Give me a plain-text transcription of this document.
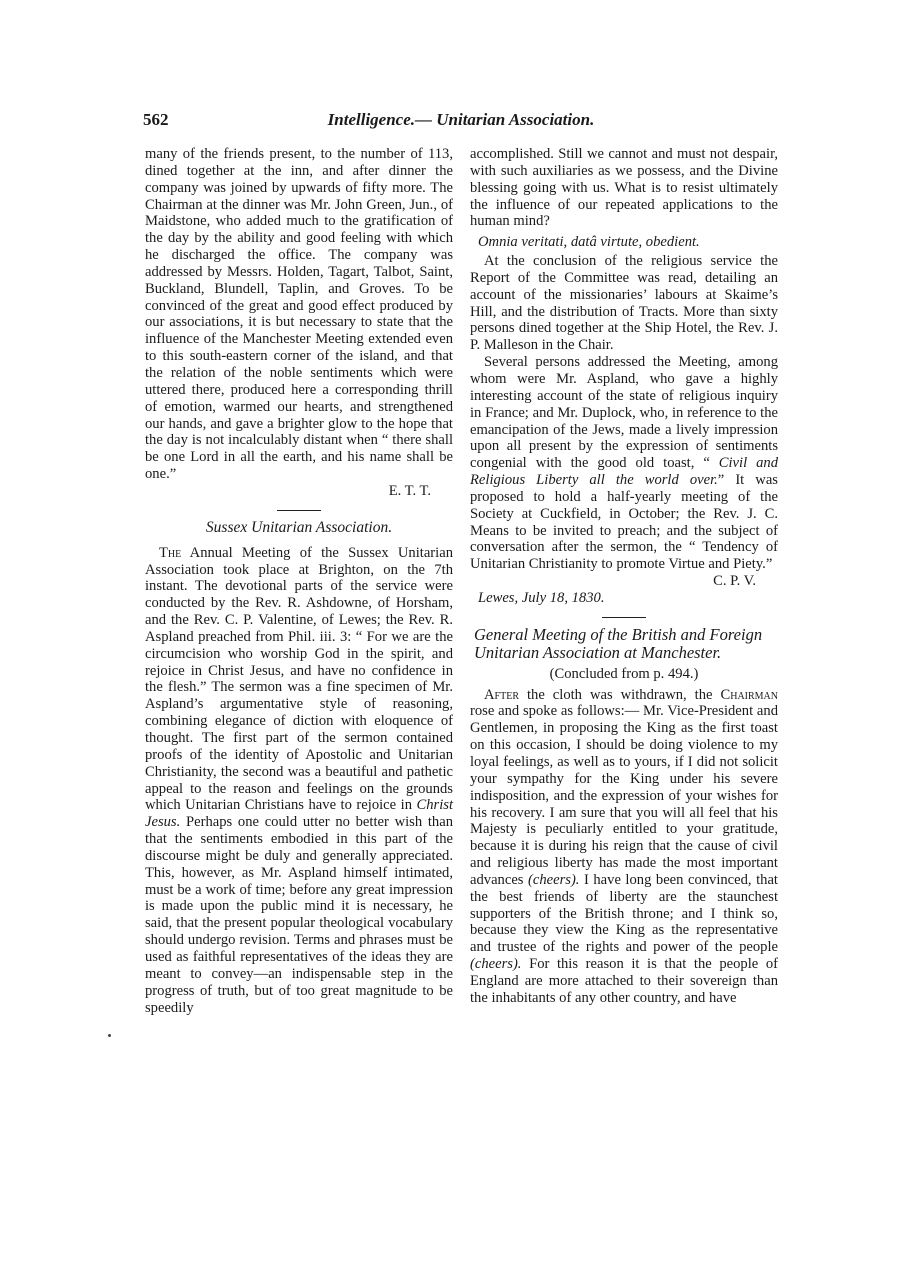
562	Intelligence.— Unitarian Association.

many of the friends present, to the number of 113, dined together at the inn, and after dinner the company was joined by upwards of fifty more. The Chairman at the dinner was Mr. John Green, Jun., of Maidstone, who added much to the gratification of the day by the ability and good feeling with which he discharged the office. The company was addressed by Messrs. Holden, Tagart, Talbot, Saint, Buckland, Blundell, Taplin, and Groves. To be convinced of the great and good effect produced by our associations, it is but necessary to state that the influence of the Manchester Meeting extended even to this south-eastern corner of the island, and that the relation of the noble sentiments which were uttered there, produced here a corresponding thrill of emotion, warmed our hearts, and strengthened our hands, and gave a brighter glow to the hope that the day is not incalculably distant when “ there shall be one Lord in all the earth, and his name shall be one.”

E. T. T.

Sussex Unitarian Association.

The Annual Meeting of the Sussex Unitarian Association took place at Brighton, on the 7th instant. The devotional parts of the service were conducted by the Rev. R. Ashdowne, of Horsham, and the Rev. C. P. Valentine, of Lewes; the Rev. R. Aspland preached from Phil. iii. 3: “ For we are the circumcision who worship God in the spirit, and rejoice in Christ Jesus, and have no confidence in the flesh.” The sermon was a fine specimen of Mr. Aspland’s argumentative style of reasoning, combining elegance of diction with eloquence of thought. The first part of the sermon contained proofs of the identity of Apostolic and Unitarian Christianity, the second was a beautiful and pathetic appeal to the reason and feelings on the grounds which Unitarian Christians have to rejoice in Christ Jesus. Perhaps one could utter no better wish than that the sentiments embodied in this part of the discourse might be duly and generally appreciated. This, however, as Mr. Aspland himself intimated, must be a work of time; before any great impression is made upon the public mind it is necessary, he said, that the present popular theological vocabulary should undergo revision. Terms and phrases must be used as faithful representatives of the ideas they are meant to convey—an indispensable step in the progress of truth, but of too great magnitude to be speedily

accomplished. Still we cannot and must not despair, with such auxiliaries as we possess, and the Divine blessing going with us. What is to resist ultimately the influence of our repeated applications to the human mind?

Omnia veritati, datâ virtute, obedient.

At the conclusion of the religious service the Report of the Committee was read, detailing an account of the missionaries’ labours at Skaime’s Hill, and the distribution of Tracts. More than sixty persons dined together at the Ship Hotel, the Rev. J. P. Malleson in the Chair.

Several persons addressed the Meeting, among whom were Mr. Aspland, who gave a highly interesting account of the state of religious inquiry in France; and Mr. Duplock, who, in reference to the emancipation of the Jews, made a lively impression upon all present by the expression of sentiments congenial with the good old toast, “ Civil and Religious Liberty all the world over.” It was proposed to hold a half-yearly meeting of the Society at Cuckfield, in October; the Rev. J. C. Means to be invited to preach; and the subject of conversation after the sermon, the “ Tendency of Unitarian Christianity to promote Virtue and Piety.”

C. P. V.

Lewes, July 18, 1830.

General Meeting of the British and Foreign Unitarian Association at Manchester.

(Concluded from p. 494.)

After the cloth was withdrawn, the Chairman rose and spoke as follows:— Mr. Vice-President and Gentlemen, in proposing the King as the first toast on this occasion, I should be doing violence to my loyal feelings, as well as to yours, if I did not solicit your sympathy for the King under his severe indisposition, and the expression of your wishes for his recovery. I am sure that you will all feel that his Majesty is peculiarly entitled to your gratitude, because it is during his reign that the cause of civil and religious liberty has made the most important advances (cheers). I have long been convinced, that the best friends of liberty are the staunchest supporters of the British throne; and I think so, because they view the King as the representative and trustee of the rights and power of the people (cheers). For this reason it is that the people of England are more attached to their sovereign than the inhabitants of any other country, and have
